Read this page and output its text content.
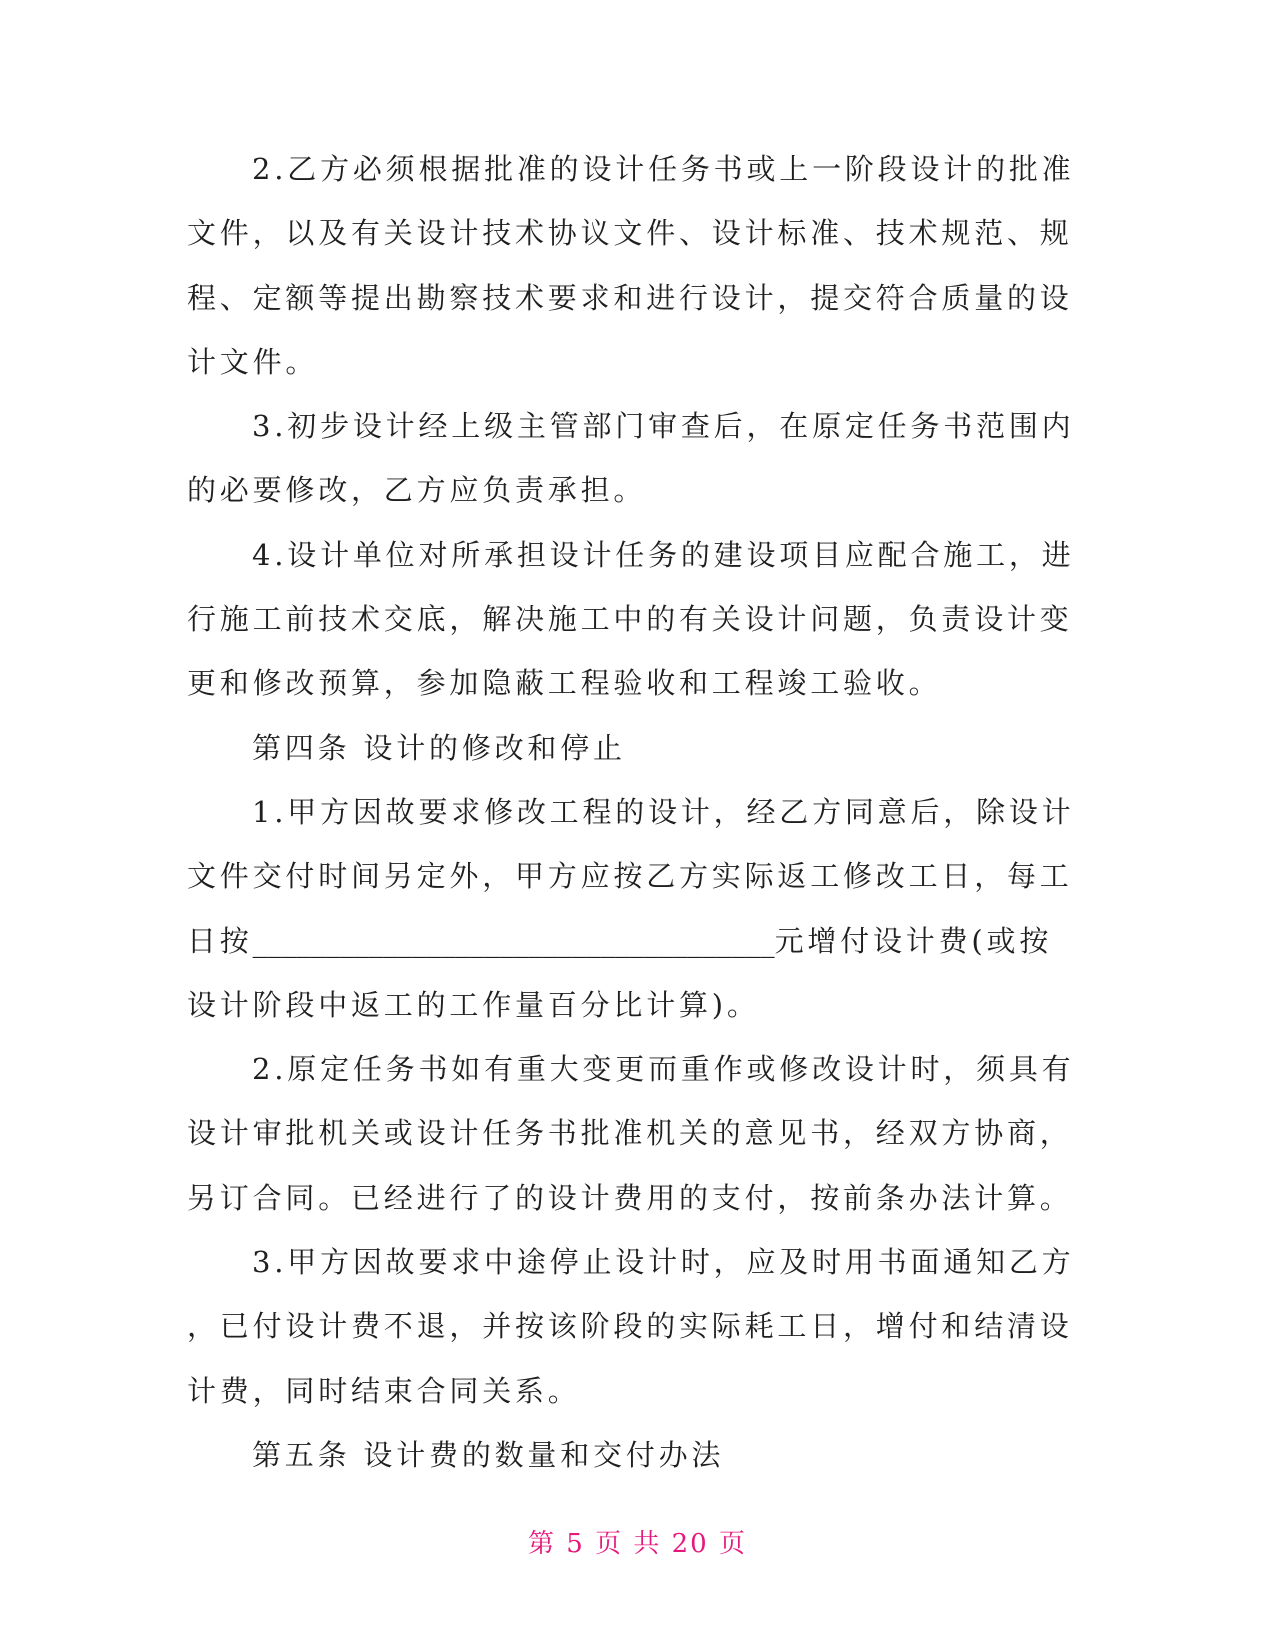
2.乙方必须根据批准的设计任务书或上一阶段设计的批准
文件，以及有关设计技术协议文件、设计标准、技术规范、规
程、定额等提出勘察技术要求和进行设计，提交符合质量的设
计文件。
3.初步设计经上级主管部门审查后，在原定任务书范围内
的必要修改，乙方应负责承担。
4.设计单位对所承担设计任务的建设项目应配合施工，进
行施工前技术交底，解决施工中的有关设计问题，负责设计变
更和修改预算，参加隐蔽工程验收和工程竣工验收。
第四条 设计的修改和停止
1.甲方因故要求修改工程的设计，经乙方同意后，除设计
文件交付时间另定外，甲方应按乙方实际返工修改工日，每工
日按____________________________________元增付设计费(或按
设计阶段中返工的工作量百分比计算)。
2.原定任务书如有重大变更而重作或修改设计时，须具有
设计审批机关或设计任务书批准机关的意见书，经双方协商，
另订合同。已经进行了的设计费用的支付，按前条办法计算。
3.甲方因故要求中途停止设计时，应及时用书面通知乙方
，已付设计费不退，并按该阶段的实际耗工日，增付和结清设
计费，同时结束合同关系。
第五条 设计费的数量和交付办法
第 5 页 共 20 页
